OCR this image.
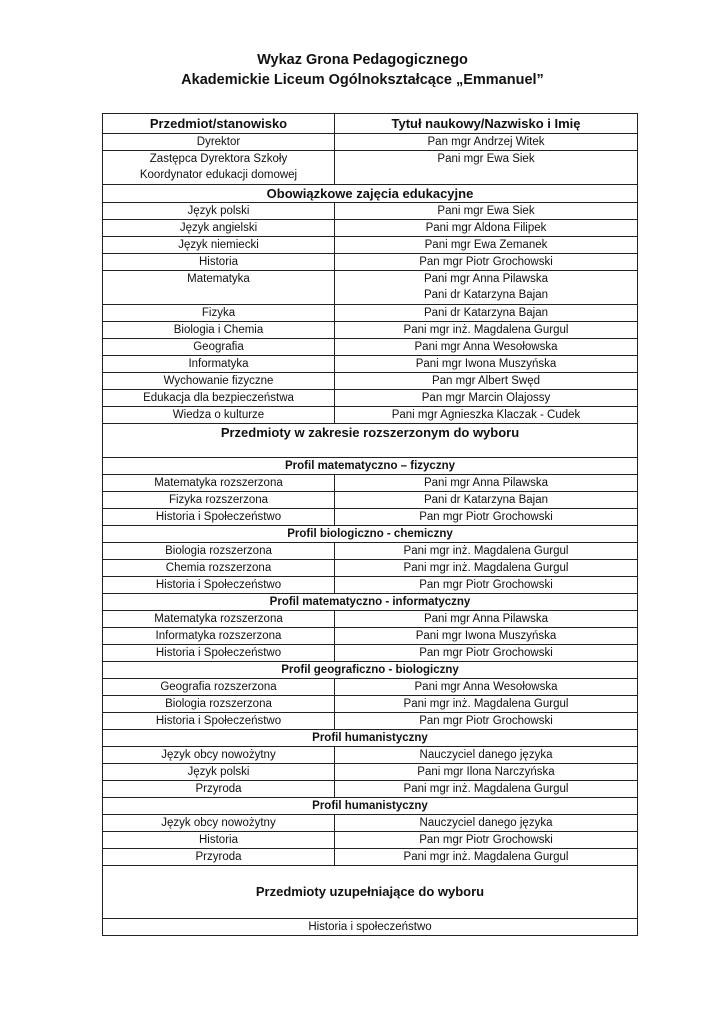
Wykaz Grona Pedagogicznego
Akademickie Liceum Ogólnokształcące „Emmanuel”
Przedmiot/stanowisko	Tytuł naukowy/Nazwisko i Imię
Dyrektor	Pan mgr Andrzej Witek

Zastępca Dyrektora Szkoły
Koordynator edukacji domowej	Pani mgr Ewa Siek
Obowiązkowe zajęcia edukacyjne	
Język polski	Pani mgr Ewa Siek
Język angielski	Pani mgr Aldona Filipek
Język niemiecki	Pani mgr Ewa Zemanek
Historia	Pan mgr Piotr Grochowski
Matematyka	Pani mgr Anna Pilawska
Pani dr Katarzyna Bajan

Fizyka	Pani dr Katarzyna Bajan
Biologia i Chemia	Pani mgr inż. Magdalena Gurgul
Geografia	Pani mgr Anna Wesołowska
Informatyka	Pani mgr Iwona Muszyńska
Wychowanie fizyczne	Pan mgr Albert Swęd
Edukacja dla bezpieczeństwa	Pan mgr Marcin Olajossy
Wiedza o kulturze	Pani mgr Agnieszka Klaczak - Cudek
Przedmioty w zakresie rozszerzonym do wyboru	

Profil matematyczno – fizyczny	
Matematyka rozszerzona	Pani mgr Anna Pilawska
Fizyka rozszerzona	Pani dr Katarzyna Bajan
Historia i Społeczeństwo	Pan mgr Piotr Grochowski
Profil biologiczno - chemiczny	
Biologia rozszerzona	Pani mgr inż. Magdalena Gurgul
Chemia rozszerzona	Pani mgr inż. Magdalena Gurgul
Historia i Społeczeństwo	Pan mgr Piotr Grochowski
Profil matematyczno - informatyczny	
Matematyka rozszerzona	Pani mgr Anna Pilawska
Informatyka rozszerzona	Pani mgr Iwona Muszyńska
Historia i Społeczeństwo	Pan mgr Piotr Grochowski
Profil geograficzno - biologiczny	
Geografia rozszerzona	Pani mgr Anna Wesołowska
Biologia rozszerzona	Pani mgr inż. Magdalena Gurgul
Historia i Społeczeństwo	Pan mgr Piotr Grochowski
Profil humanistyczny	
Język obcy nowożytny	Nauczyciel danego języka
Język polski	Pani mgr Ilona Narczyńska
Przyroda	Pani mgr inż. Magdalena Gurgul
Profil humanistyczny	
Język obcy nowożytny	Nauczyciel danego języka
Historia	Pan mgr Piotr Grochowski
Przyroda	Pani mgr inż. Magdalena Gurgul
Przedmioty uzupełniające do wyboru	
Historia i społeczeństwo	
